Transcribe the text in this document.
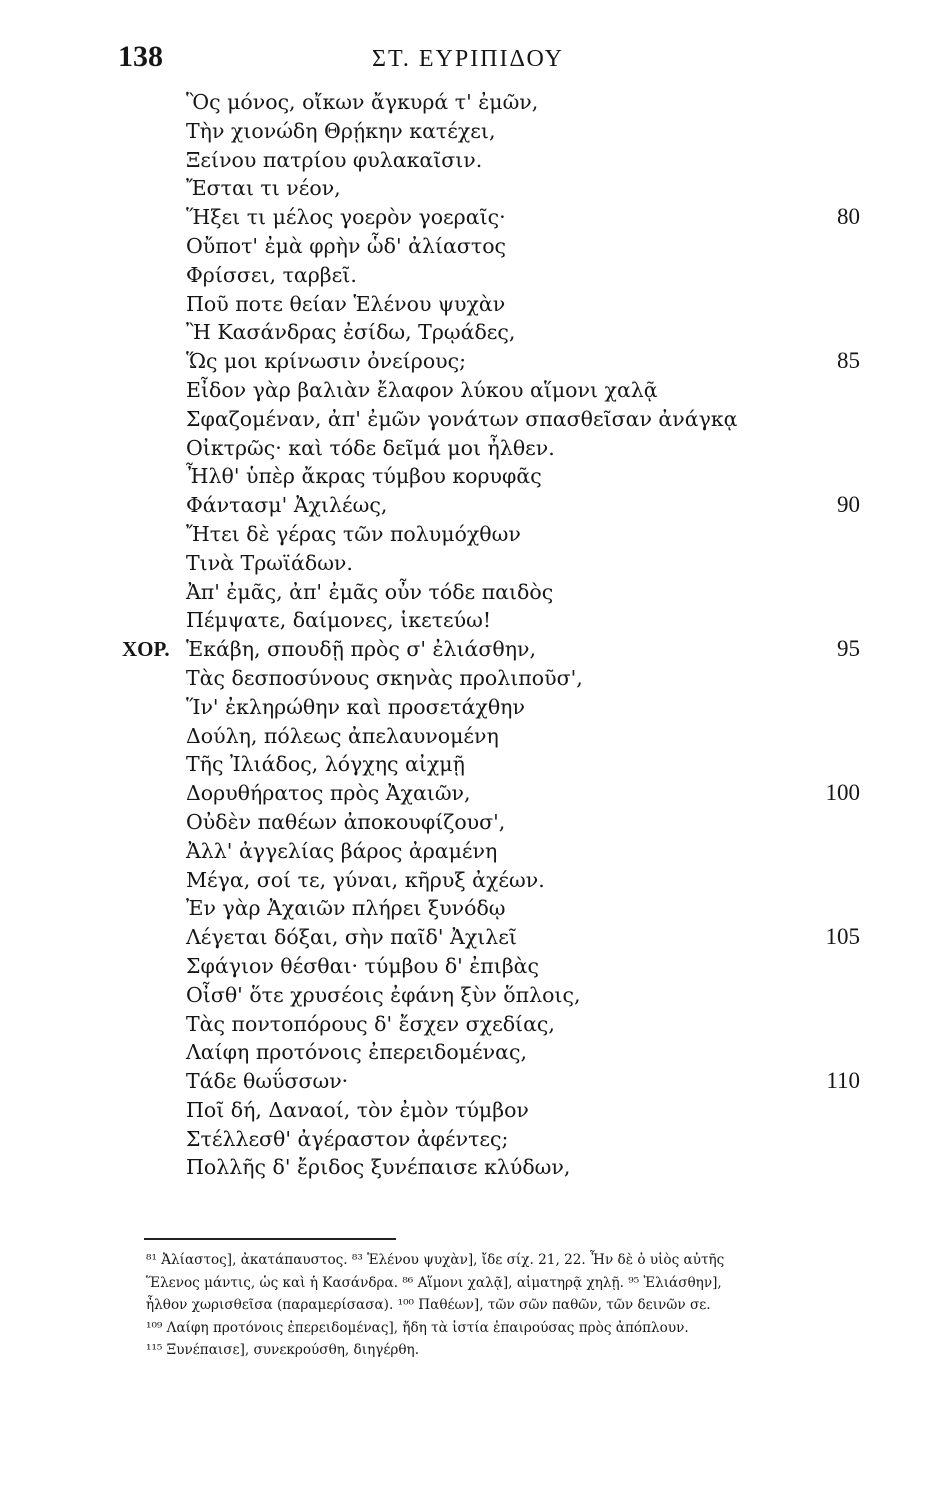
138	ΣΤ. ΕΥΡΙΠΙΔΟΥ
Ὃς μόνος, οἴκων ἄγκυρά τ' ἐμῶν,
Τὴν χιονώδη Θρῄκην κατέχει,
Ξείνου πατρίου φυλακαῖσιν.
Ἔσται τι νέον,
Ἥξει τι μέλος γοερὸν γοεραῖς·	80
Οὔποτ' ἐμὰ φρὴν ὧδ' ἀλίαστος
Φρίσσει, ταρβεῖ.
Ποῦ ποτε θείαν Ἑλένου ψυχὰν
Ἢ Κασάνδρας ἐσίδω, Τρῳάδες,
Ὥς μοι κρίνωσιν ὀνείρους;	85
Εἶδον γὰρ βαλιὰν ἔλαφον λύκου αἵμονι χαλᾷ
Σφαζομέναν, ἀπ' ἐμῶν γονάτων σπασθεῖσαν ἀνάγκᾳ
Οἰκτρῶς· καὶ τόδε δεῖμά μοι ἦλθεν.
Ἦλθ' ὑπὲρ ἄκρας τύμβου κορυφᾶς
Φάντασμ' Ἀχιλέως,	90
Ἤτει δὲ γέρας τῶν πολυμόχθων
Τινὰ Τρωϊάδων.
Ἀπ' ἐμᾶς, ἀπ' ἐμᾶς οὖν τόδε παιδὸς
Πέμψατε, δαίμονες, ἱκετεύω!
ΧΟΡ. Ἑκάβη, σπουδῇ πρὸς σ' ἐλιάσθην,	95
Τὰς δεσποσύνους σκηνὰς προλιποῦσ',
Ἵν' ἐκληρώθην καὶ προσετάχθην
Δούλη, πόλεως ἀπελαυνομένη
Τῆς Ἰλιάδος, λόγχης αἰχμῇ
Δορυθήρατος πρὸς Ἀχαιῶν,	100
Οὐδὲν παθέων ἀποκουφίζουσ',
Ἀλλ' ἀγγελίας βάρος ἀραμένη
Μέγα, σοί τε, γύναι, κῆρυξ ἀχέων.
Ἐν γὰρ Ἀχαιῶν πλήρει ξυνόδῳ
Λέγεται δόξαι, σὴν παῖδ' Ἀχιλεῖ	105
Σφάγιον θέσθαι· τύμβου δ' ἐπιβὰς
Οἶσθ' ὅτε χρυσέοις ἐφάνη ξὺν ὅπλοις,
Τὰς ποντοπόρους δ' ἔσχεν σχεδίας,
Λαίφη προτόνοις ἐπερειδομένας,
Τάδε θωΰσσων·	110
Ποῖ δή, Δαναοί, τὸν ἐμὸν τύμβον
Στέλλεσθ' ἀγέραστον ἀφέντες;
Πολλῆς δ' ἔριδος ξυνέπαισε κλύδων,
⁸¹ Ἀλίαστος], ἀκατάπαυστος. ⁸³ Ἑλένου ψυχὰν], ἴδε σίχ. 21, 22. Ἦν δὲ ὁ υἱὸς αὐτῆς
Ἕλενος μάντις, ὡς καὶ ἡ Κασάνδρα. ⁸⁶ Αἵμονι χαλᾷ], αἱματηρᾷ χηλῇ. ⁹⁵ Ἐλιάσθην],
ἦλθον χωρισθεῖσα (παραμερίσασα). ¹⁰⁰ Παθέων], τῶν σῶν παθῶν, τῶν δεινῶν σε.
¹⁰⁹ Λαίφη προτόνοις ἐπερειδομένας], ἤδη τὰ ἱστία ἐπαιρούσας πρὸς ἀπόπλουν.
¹¹⁵ Ξυνέπαισε], συνεκρούσθη, διηγέρθη.
